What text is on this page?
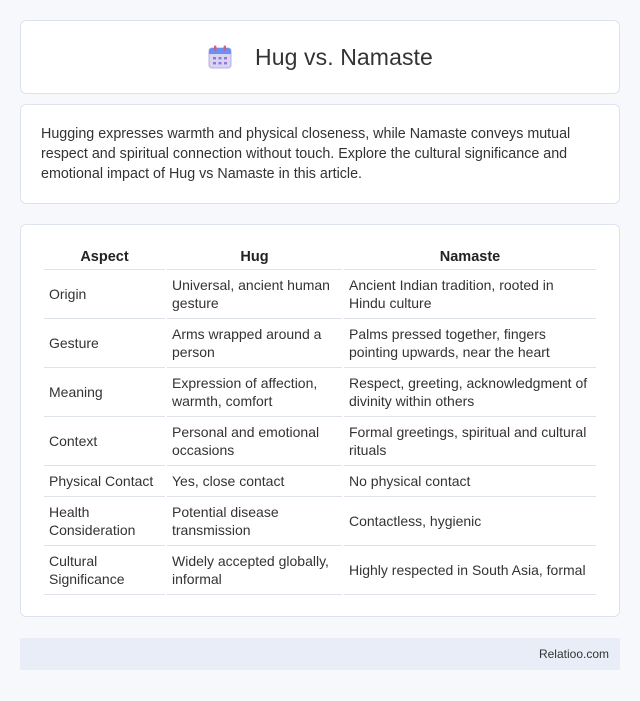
Hug vs. Namaste

Hugging expresses warmth and physical closeness, while Namaste conveys mutual respect and spiritual connection without touch. Explore the cultural significance and emotional impact of Hug vs Namaste in this article.

Aspect	Hug	Namaste
Origin	Universal, ancient human gesture	Ancient Indian tradition, rooted in Hindu culture
Gesture	Arms wrapped around a person	Palms pressed together, fingers pointing upwards, near the heart
Meaning	Expression of affection, warmth, comfort	Respect, greeting, acknowledgment of divinity within others
Context	Personal and emotional occasions	Formal greetings, spiritual and cultural rituals
Physical Contact	Yes, close contact	No physical contact
Health Consideration	Potential disease transmission	Contactless, hygienic
Cultural Significance	Widely accepted globally, informal	Highly respected in South Asia, formal
Relatioo.com
